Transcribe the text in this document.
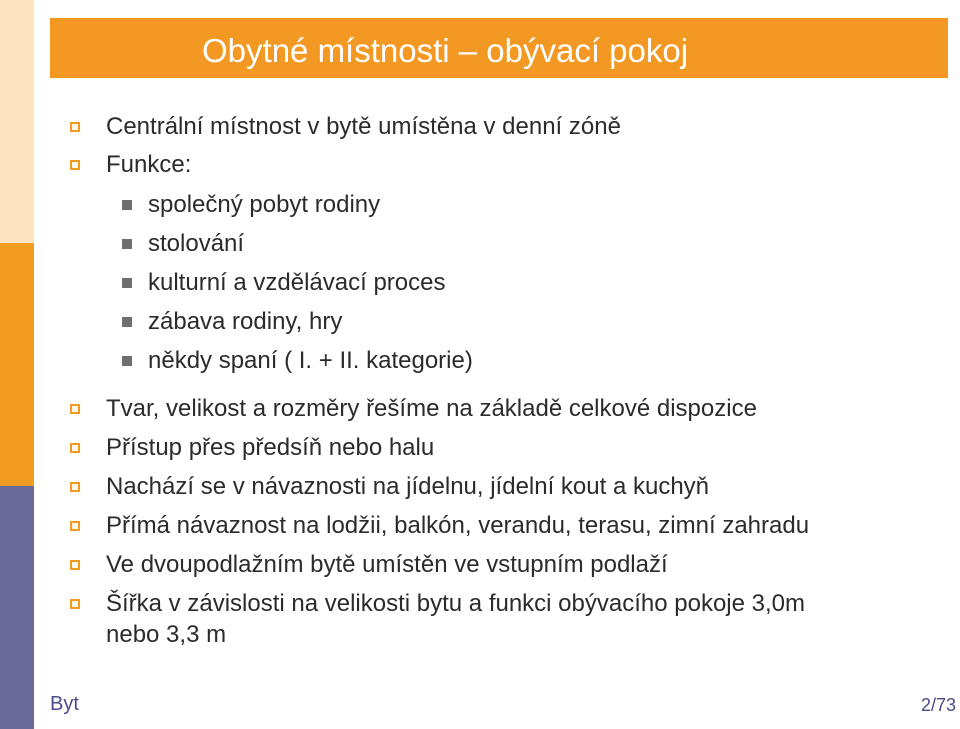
Obytné místnosti – obývací pokoj
Centrální místnost v bytě umístěna v denní zóně
Funkce:
společný pobyt rodiny
stolování
kulturní a vzdělávací proces
zábava rodiny, hry
někdy spaní ( I. + II. kategorie)
Tvar, velikost a rozměry řešíme na základě celkové dispozice
Přístup přes předsíň nebo halu
Nachází se v návaznosti na jídelnu, jídelní kout a kuchyň
Přímá návaznost na lodžii, balkón, verandu, terasu, zimní zahradu
Ve dvoupodlažním bytě umístěn ve vstupním podlaží
Šířka v závislosti na velikosti bytu a funkci obývacího pokoje 3,0m
nebo 3,3 m
Byt	2/73
